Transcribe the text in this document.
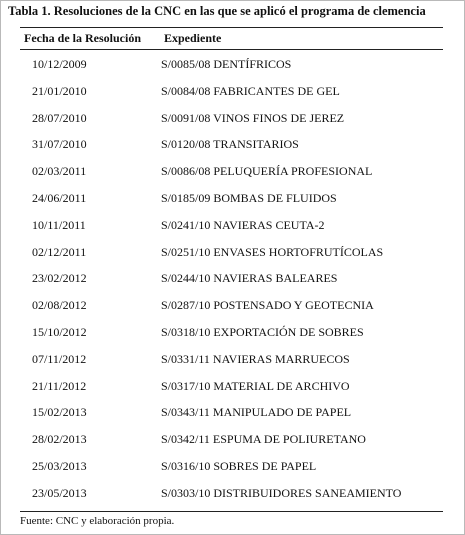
Tabla 1. Resoluciones de la CNC en las que se aplicó el programa de clemencia
Fecha de la Resolución Expediente
10/12/2009	S/0085/08 DENTÍFRICOS
21/01/2010	S/0084/08 FABRICANTES DE GEL
28/07/2010	S/0091/08 VINOS FINOS DE JEREZ
31/07/2010	S/0120/08 TRANSITARIOS
02/03/2011	S/0086/08 PELUQUERÍA PROFESIONAL
24/06/2011	S/0185/09 BOMBAS DE FLUIDOS
10/11/2011	S/0241/10 NAVIERAS CEUTA-2
02/12/2011	S/0251/10 ENVASES HORTOFRUTÍCOLAS
23/02/2012	S/0244/10 NAVIERAS BALEARES
02/08/2012	S/0287/10 POSTENSADO Y GEOTECNIA
15/10/2012	S/0318/10 EXPORTACIÓN DE SOBRES
07/11/2012	S/0331/11 NAVIERAS MARRUECOS
21/11/2012	S/0317/10 MATERIAL DE ARCHIVO
15/02/2013	S/0343/11 MANIPULADO DE PAPEL
28/02/2013	S/0342/11 ESPUMA DE POLIURETANO
25/03/2013	S/0316/10 SOBRES DE PAPEL
23/05/2013	S/0303/10 DISTRIBUIDORES SANEAMIENTO
Fuente: CNC y elaboración propia.
